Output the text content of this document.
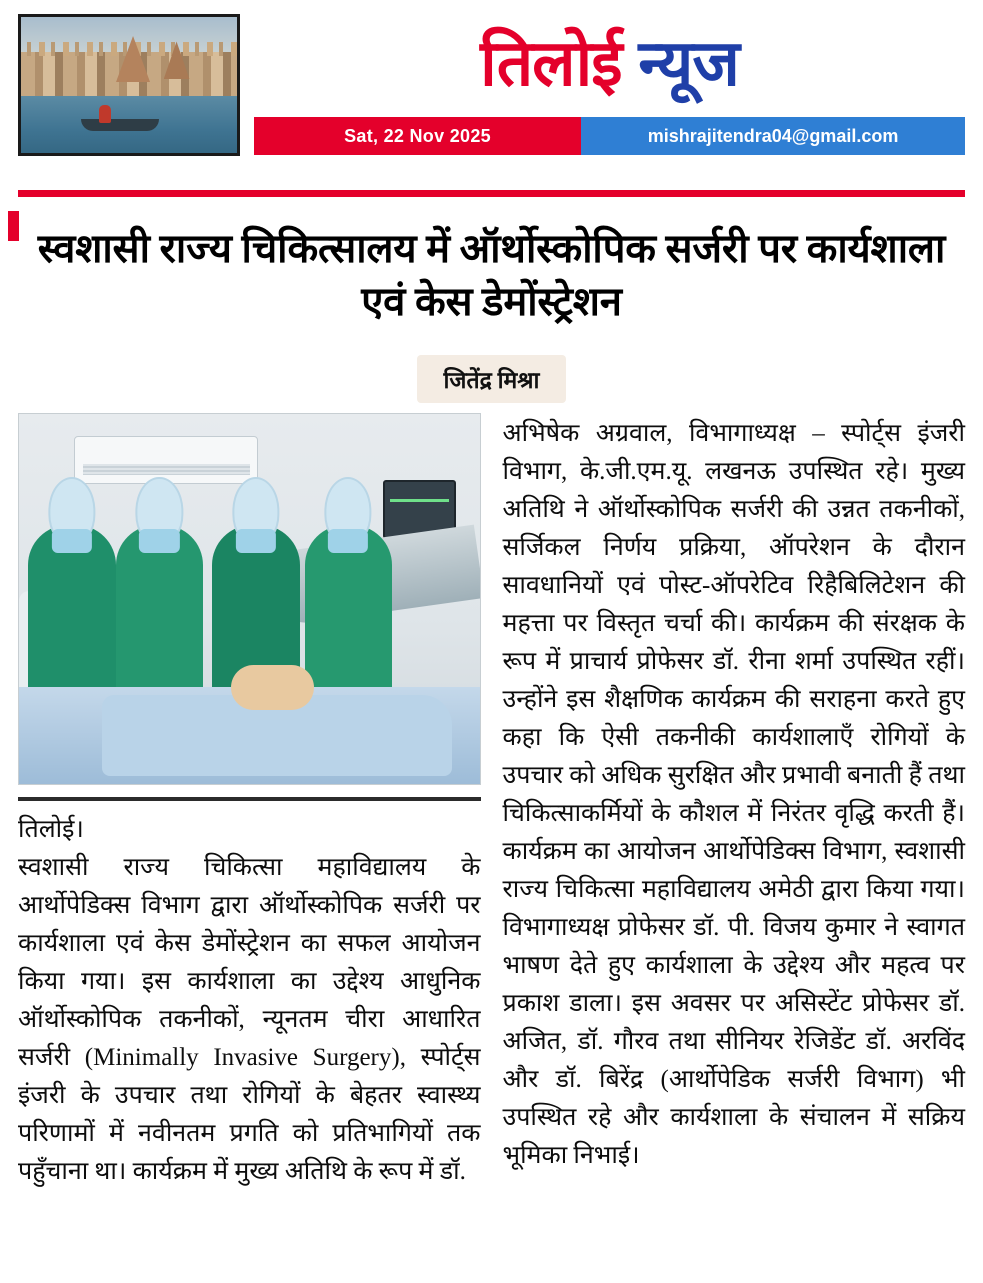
तिलोई न्यूज
Sat, 22 Nov 2025	mishrajitendra04@gmail.com
स्वशासी राज्य चिकित्सालय में ऑर्थोस्कोपिक सर्जरी पर कार्यशाला एवं केस डेमोंस्ट्रेशन
जितेंद्र मिश्रा

तिलोई।

स्वशासी राज्य चिकित्सा महाविद्यालय के आर्थोपेडिक्स विभाग द्वारा ऑर्थोस्कोपिक सर्जरी पर कार्यशाला एवं केस डेमोंस्ट्रेशन का सफल आयोजन किया गया। इस कार्यशाला का उद्देश्य आधुनिक ऑर्थोस्कोपिक तकनीकों, न्यूनतम चीरा आधारित सर्जरी (Minimally Invasive Surgery), स्पोर्ट्स इंजरी के उपचार तथा रोगियों के बेहतर स्वास्थ्य परिणामों में नवीनतम प्रगति को प्रतिभागियों तक पहुँचाना था। कार्यक्रम में मुख्य अतिथि के रूप में डॉ.

अभिषेक अग्रवाल, विभागाध्यक्ष – स्पोर्ट्स इंजरी विभाग, के.जी.एम.यू. लखनऊ उपस्थित रहे। मुख्य अतिथि ने ऑर्थोस्कोपिक सर्जरी की उन्नत तकनीकों, सर्जिकल निर्णय प्रक्रिया, ऑपरेशन के दौरान सावधानियों एवं पोस्ट-ऑपरेटिव रिहैबिलिटेशन की महत्ता पर विस्तृत चर्चा की। कार्यक्रम की संरक्षक के रूप में प्राचार्य प्रोफेसर डॉ. रीना शर्मा उपस्थित रहीं। उन्होंने इस शैक्षणिक कार्यक्रम की सराहना करते हुए कहा कि ऐसी तकनीकी कार्यशालाएँ रोगियों के उपचार को अधिक सुरक्षित और प्रभावी बनाती हैं तथा चिकित्साकर्मियों के कौशल में निरंतर वृद्धि करती हैं। कार्यक्रम का आयोजन आर्थोपेडिक्स विभाग, स्वशासी राज्य चिकित्सा महाविद्यालय अमेठी द्वारा किया गया। विभागाध्यक्ष प्रोफेसर डॉ. पी. विजय कुमार ने स्वागत भाषण देते हुए कार्यशाला के उद्देश्य और महत्व पर प्रकाश डाला। इस अवसर पर असिस्टेंट प्रोफेसर डॉ. अजित, डॉ. गौरव तथा सीनियर रेजिडेंट डॉ. अरविंद और डॉ. बिरेंद्र (आर्थोपेडिक सर्जरी विभाग) भी उपस्थित रहे और कार्यशाला के संचालन में सक्रिय भूमिका निभाई।
